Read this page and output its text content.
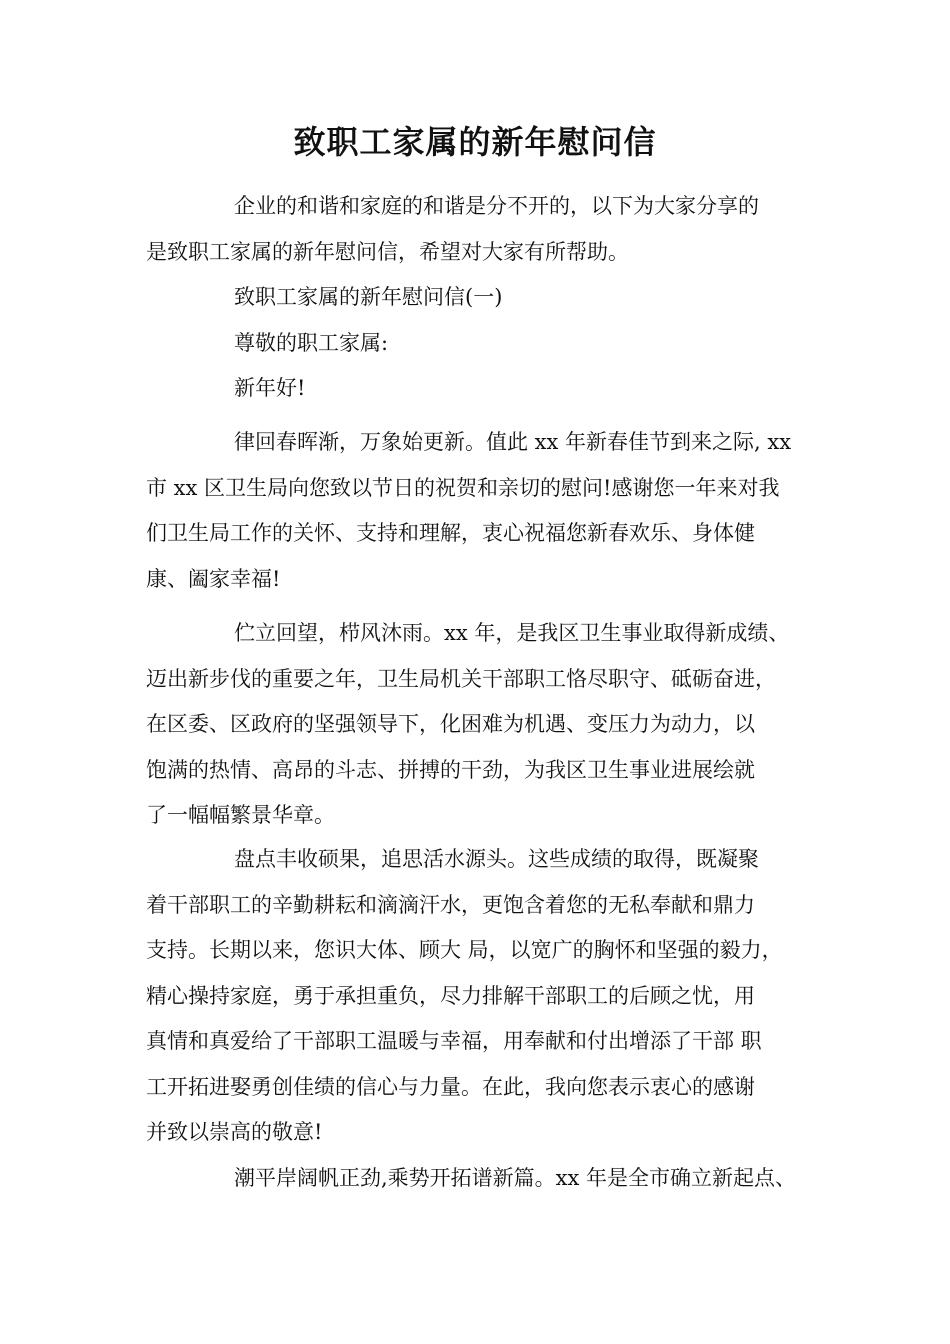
致职工家属的新年慰问信
企业的和谐和家庭的和谐是分不开的，以下为大家分享的
是致职工家属的新年慰问信，希望对大家有所帮助。
致职工家属的新年慰问信(一)
尊敬的职工家属:
新年好!
律回春晖渐，万象始更新。值此 xx 年新春佳节到来之际, xx
市 xx 区卫生局向您致以节日的祝贺和亲切的慰问!感谢您一年来对我
们卫生局工作的关怀、支持和理解，衷心祝福您新春欢乐、身体健
康、阖家幸福!
伫立回望，栉风沐雨。xx 年，是我区卫生事业取得新成绩、
迈出新步伐的重要之年，卫生局机关干部职工恪尽职守、砥砺奋进，
在区委、区政府的坚强领导下，化困难为机遇、变压力为动力，以
饱满的热情、高昂的斗志、拼搏的干劲，为我区卫生事业进展绘就
了一幅幅繁景华章。
盘点丰收硕果，追思活水源头。这些成绩的取得，既凝聚
着干部职工的辛勤耕耘和滴滴汗水，更饱含着您的无私奉献和鼎力
支持。长期以来，您识大体、顾大 局，以宽广的胸怀和坚强的毅力，
精心操持家庭，勇于承担重负，尽力排解干部职工的后顾之忧，用
真情和真爱给了干部职工温暖与幸福，用奉献和付出增添了干部 职
工开拓进娶勇创佳绩的信心与力量。在此，我向您表示衷心的感谢
并致以崇高的敬意!
潮平岸阔帆正劲,乘势开拓谱新篇。xx 年是全市确立新起点、
